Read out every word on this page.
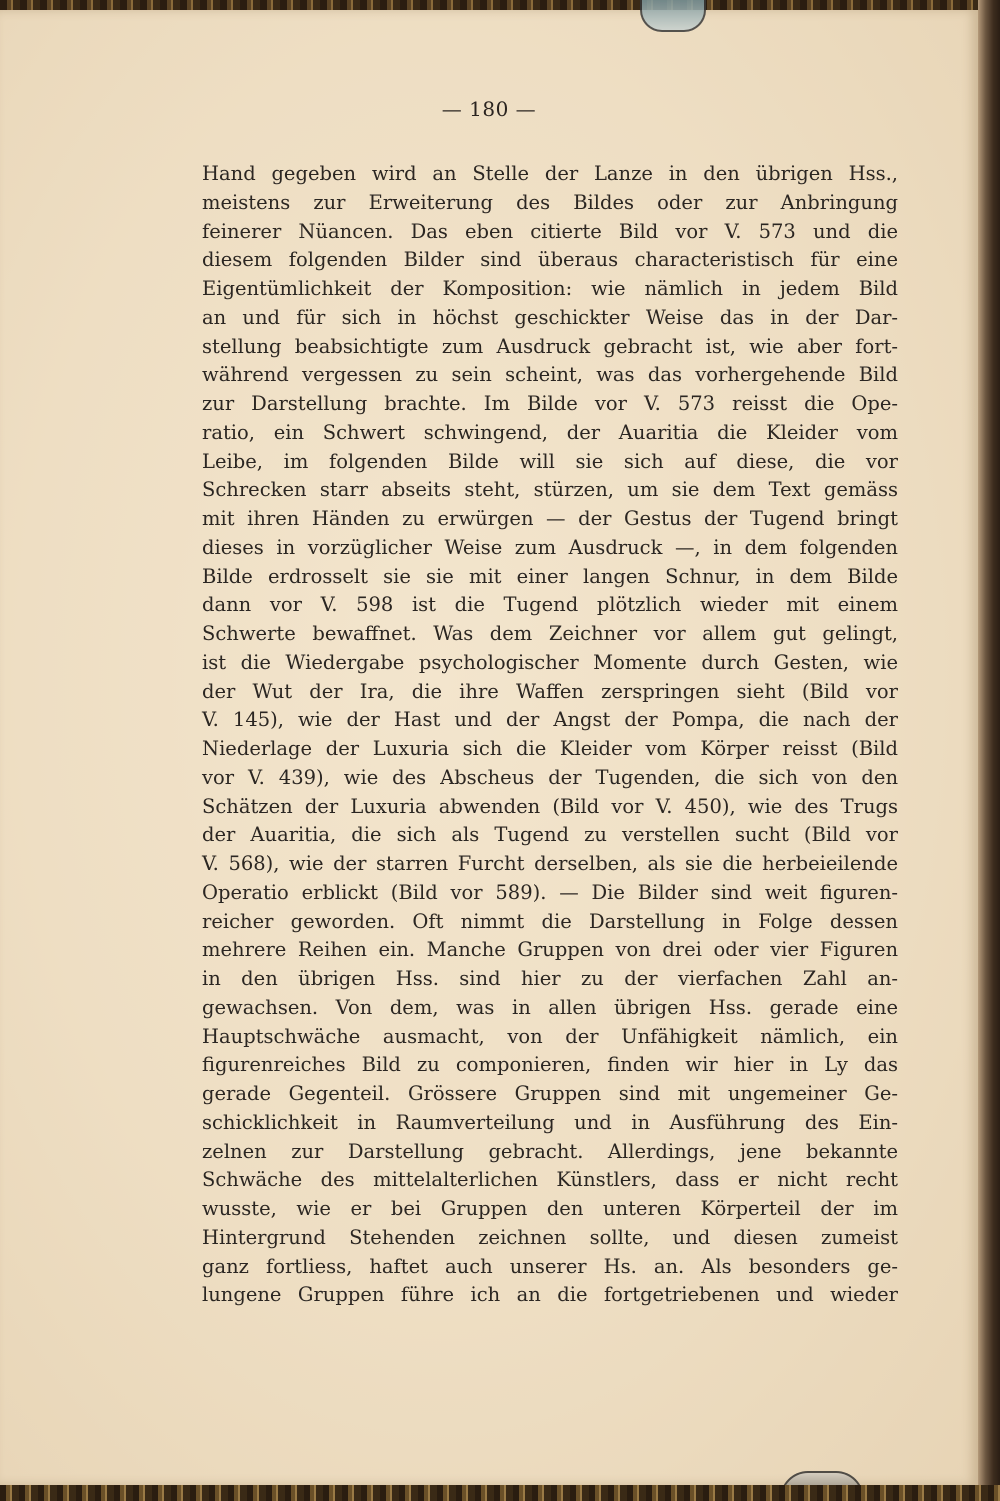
— 180 —
Hand gegeben wird an Stelle der Lanze in den übrigen Hss.,
meistens zur Erweiterung des Bildes oder zur Anbringung
feinerer Nüancen. Das eben citierte Bild vor V. 573 und die
diesem folgenden Bilder sind überaus characteristisch für eine
Eigentümlichkeit der Komposition: wie nämlich in jedem Bild
an und für sich in höchst geschickter Weise das in der Dar-
stellung beabsichtigte zum Ausdruck gebracht ist, wie aber fort-
während vergessen zu sein scheint, was das vorhergehende Bild
zur Darstellung brachte. Im Bilde vor V. 573 reisst die Ope-
ratio, ein Schwert schwingend, der Auaritia die Kleider vom
Leibe, im folgenden Bilde will sie sich auf diese, die vor
Schrecken starr abseits steht, stürzen, um sie dem Text gemäss
mit ihren Händen zu erwürgen — der Gestus der Tugend bringt
dieses in vorzüglicher Weise zum Ausdruck —, in dem folgenden
Bilde erdrosselt sie sie mit einer langen Schnur, in dem Bilde
dann vor V. 598 ist die Tugend plötzlich wieder mit einem
Schwerte bewaffnet. Was dem Zeichner vor allem gut gelingt,
ist die Wiedergabe psychologischer Momente durch Gesten, wie
der Wut der Ira, die ihre Waffen zerspringen sieht (Bild vor
V. 145), wie der Hast und der Angst der Pompa, die nach der
Niederlage der Luxuria sich die Kleider vom Körper reisst (Bild
vor V. 439), wie des Abscheus der Tugenden, die sich von den
Schätzen der Luxuria abwenden (Bild vor V. 450), wie des Trugs
der Auaritia, die sich als Tugend zu verstellen sucht (Bild vor
V. 568), wie der starren Furcht derselben, als sie die herbeieilende
Operatio erblickt (Bild vor 589). — Die Bilder sind weit figuren-
reicher geworden. Oft nimmt die Darstellung in Folge dessen
mehrere Reihen ein. Manche Gruppen von drei oder vier Figuren
in den übrigen Hss. sind hier zu der vierfachen Zahl an-
gewachsen. Von dem, was in allen übrigen Hss. gerade eine
Hauptschwäche ausmacht, von der Unfähigkeit nämlich, ein
figurenreiches Bild zu componieren, finden wir hier in Ly das
gerade Gegenteil. Grössere Gruppen sind mit ungemeiner Ge-
schicklichkeit in Raumverteilung und in Ausführung des Ein-
zelnen zur Darstellung gebracht. Allerdings, jene bekannte
Schwäche des mittelalterlichen Künstlers, dass er nicht recht
wusste, wie er bei Gruppen den unteren Körperteil der im
Hintergrund Stehenden zeichnen sollte, und diesen zumeist
ganz fortliess, haftet auch unserer Hs. an. Als besonders ge-
lungene Gruppen führe ich an die fortgetriebenen und wieder
